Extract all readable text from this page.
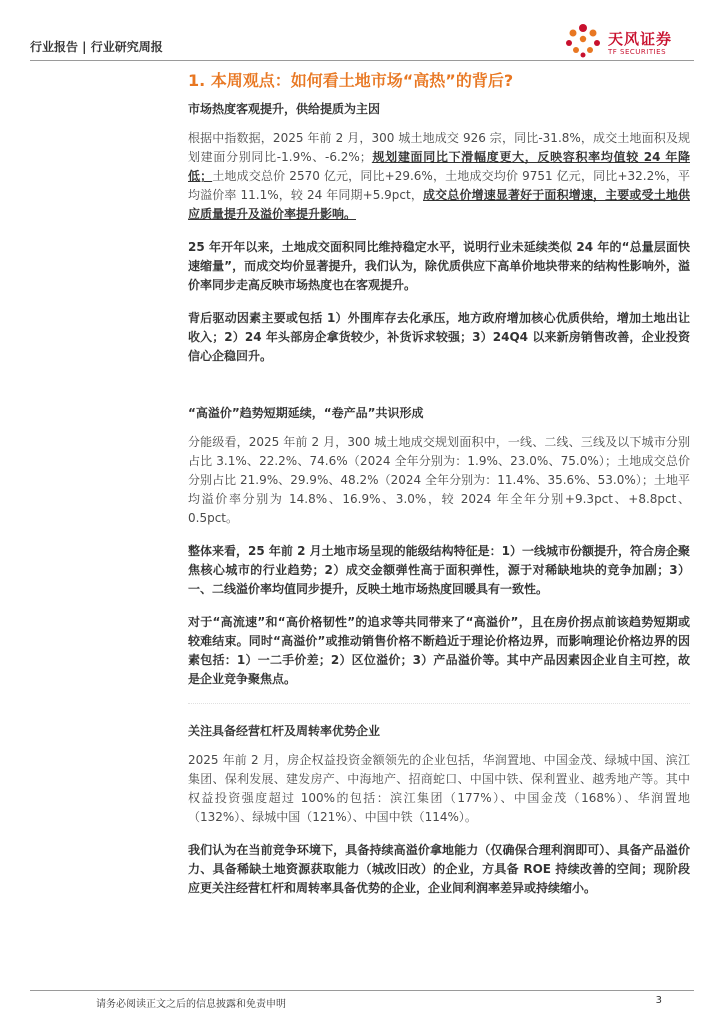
行业报告 | 行业研究周报	天风证券
TF SECURITIES
1. 本周观点：如何看土地市场“高热”的背后?
市场热度客观提升，供给提质为主因

根据中指数据，2025 年前 2 月，300 城土地成交 926 宗，同比-31.8%，成交土地面积及规划建面分别同比-1.9%、-6.2%；规划建面同比下滑幅度更大，反映容积率均值较 24 年降低；土地成交总价 2570 亿元，同比+29.6%，土地成交均价 9751 亿元，同比+32.2%，平均溢价率 11.1%，较 24 年同期+5.9pct，成交总价增速显著好于面积增速，主要或受土地供应质量提升及溢价率提升影响。

25 年开年以来，土地成交面积同比维持稳定水平，说明行业未延续类似 24 年的“总量层面快速缩量”，而成交均价显著提升，我们认为，除优质供应下高单价地块带来的结构性影响外，溢价率同步走高反映市场热度也在客观提升。

背后驱动因素主要或包括 1）外围库存去化承压，地方政府增加核心优质供给，增加土地出让收入；2）24 年头部房企拿货较少，补货诉求较强；3）24Q4 以来新房销售改善，企业投资信心企稳回升。

“高溢价”趋势短期延续，“卷产品”共识形成

分能级看，2025 年前 2 月，300 城土地成交规划面积中，一线、二线、三线及以下城市分别占比 3.1%、22.2%、74.6%（2024 全年分别为：1.9%、23.0%、75.0%）；土地成交总价分别占比 21.9%、29.9%、48.2%（2024 全年分别为：11.4%、35.6%、53.0%）；土地平均溢价率分别为 14.8%、16.9%、3.0%，较 2024 年全年分别+9.3pct、+8.8pct、0.5pct。

整体来看，25 年前 2 月土地市场呈现的能级结构特征是：1）一线城市份额提升，符合房企聚焦核心城市的行业趋势；2）成交金额弹性高于面积弹性，源于对稀缺地块的竞争加剧；3）一、二线溢价率均值同步提升，反映土地市场热度回暖具有一致性。

对于“高流速”和“高价格韧性”的追求等共同带来了“高溢价”，且在房价拐点前该趋势短期或较难结束。同时“高溢价”或推动销售价格不断趋近于理论价格边界，而影响理论价格边界的因素包括：1）一二手价差；2）区位溢价；3）产品溢价等。其中产品因素因企业自主可控，故是企业竞争聚焦点。

关注具备经营杠杆及周转率优势企业

2025 年前 2 月，房企权益投资金额领先的企业包括，华润置地、中国金茂、绿城中国、滨江集团、保利发展、建发房产、中海地产、招商蛇口、中国中铁、保利置业、越秀地产等。其中权益投资强度超过 100%的包括：滨江集团（177%）、中国金茂（168%）、华润置地（132%）、绿城中国（121%）、中国中铁（114%）。

我们认为在当前竞争环境下，具备持续高溢价拿地能力（仅确保合理利润即可）、具备产品溢价力、具备稀缺土地资源获取能力（城改旧改）的企业，方具备 ROE 持续改善的空间；现阶段应更关注经营杠杆和周转率具备优势的企业，企业间利润率差异或持续缩小。

请务必阅读正文之后的信息披露和免责申明	3
